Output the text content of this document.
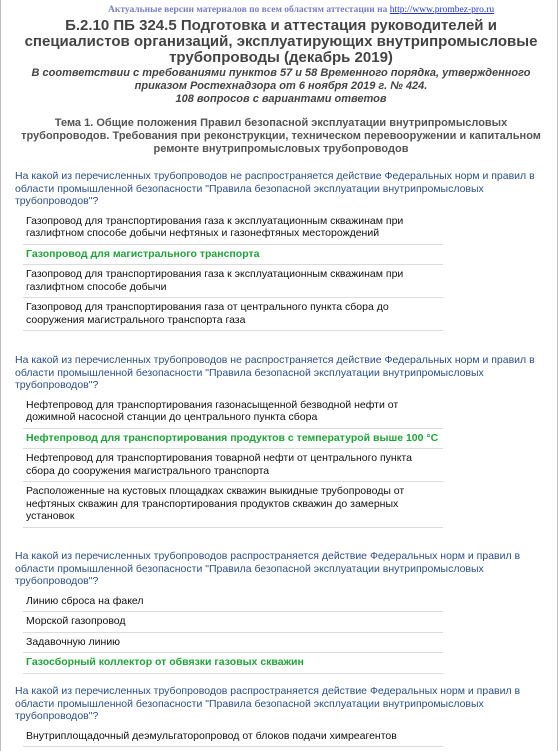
Актуальные версии материалов по всем областям аттестации на http://www.prombez-pro.ru

Б.2.10 ПБ 324.5 Подготовка и аттестация руководителей и специалистов организаций, эксплуатирующих внутрипромысловые трубопроводы (декабрь 2019)

В соответствии с требованиями пунктов 57 и 58 Временного порядка, утвержденного
приказом Ростехнадзора от 6 ноября 2019 г. № 424.
108 вопросов с вариантами ответов
Тема 1. Общие положения Правил безопасной эксплуатации внутрипромысловых трубопроводов. Требования при реконструкции, техническом перевооружении и капитальном ремонте внутрипромысловых трубопроводов
На какой из перечисленных трубопроводов не распространяется действие Федеральных норм и правил в области промышленной безопасности "Правила безопасной эксплуатации внутрипромысловых трубопроводов"?
Газопровод для транспортирования газа к эксплуатационным скважинам при газлифтном способе добычи нефтяных и газонефтяных месторождений
Газопровод для магистрального транспорта
Газопровод для транспортирования газа к эксплуатационным скважинам при газлифтном способе добычи
Газопровод для транспортирования газа от центрального пункта сбора до сооружения магистрального транспорта газа
На какой из перечисленных трубопроводов не распространяется действие Федеральных норм и правил в области промышленной безопасности "Правила безопасной эксплуатации внутрипромысловых трубопроводов"?
Нефтепровод для транспортирования газонасыщенной безводной нефти от дожимной насосной станции до центрального пункта сбора
Нефтепровод для транспортирования продуктов с температурой выше 100 °С
Нефтепровод для транспортирования товарной нефти от центрального пункта сбора до сооружения магистрального транспорта
Расположенные на кустовых площадках скважин выкидные трубопроводы от нефтяных скважин для транспортирования продуктов скважин до замерных установок
На какой из перечисленных трубопроводов распространяется действие Федеральных норм и правил в области промышленной безопасности "Правила безопасной эксплуатации внутрипромысловых трубопроводов"?
Линию сброса на факел
Морской газопровод
Задавочную линию
Газосборный коллектор от обвязки газовых скважин
На какой из перечисленных трубопроводов распространяется действие Федеральных норм и правил в области промышленной безопасности "Правила безопасной эксплуатации внутрипромысловых трубопроводов"?
Внутриплощадочный деэмульгаторопровод от блоков подачи химреагентов
